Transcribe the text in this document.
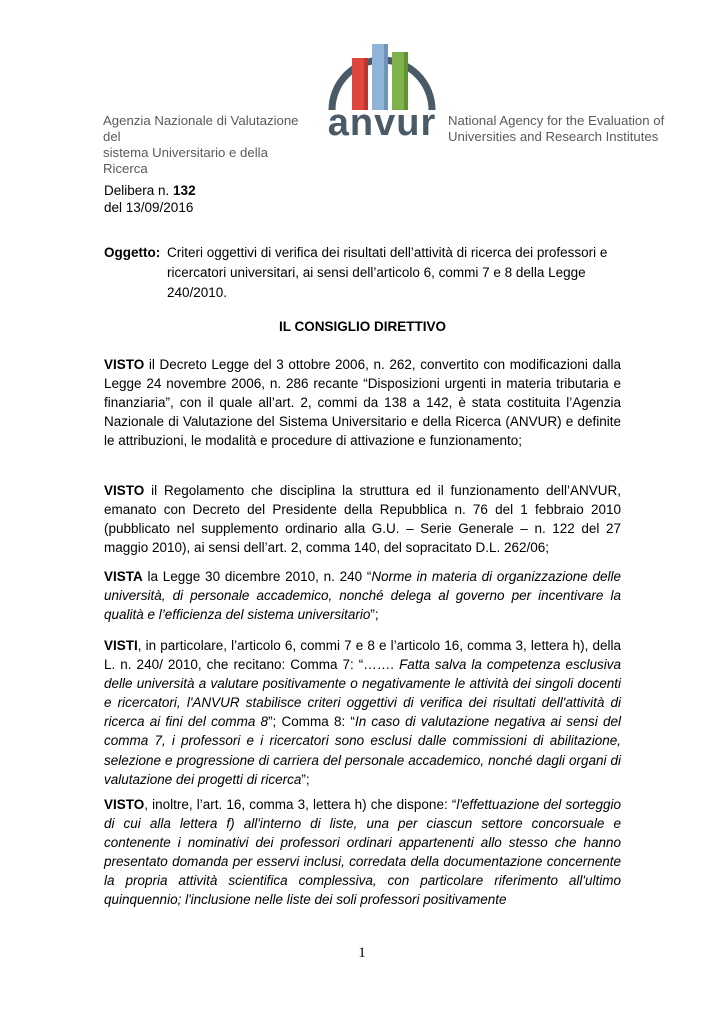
Agenzia Nazionale di Valutazione del
sistema Universitario e della Ricerca
anvur National Agency for the Evaluation of
Universities and Research Institutes
Delibera n. 132
del 13/09/2016
Oggetto: Criteri oggettivi di verifica dei risultati dell’attività di ricerca dei professori e ricercatori universitari, ai sensi dell’articolo 6, commi 7 e 8 della Legge 240/2010.
IL CONSIGLIO DIRETTIVO
VISTO il Decreto Legge del 3 ottobre 2006, n. 262, convertito con modificazioni dalla Legge 24 novembre 2006, n. 286 recante “Disposizioni urgenti in materia tributaria e finanziaria”, con il quale all’art. 2, commi da 138 a 142, è stata costituita l’Agenzia Nazionale di Valutazione del Sistema Universitario e della Ricerca (ANVUR) e definite le attribuzioni, le modalità e procedure di attivazione e funzionamento;
VISTO il Regolamento che disciplina la struttura ed il funzionamento dell’ANVUR, emanato con Decreto del Presidente della Repubblica n. 76 del 1 febbraio 2010 (pubblicato nel supplemento ordinario alla G.U. – Serie Generale – n. 122 del 27 maggio 2010), ai sensi dell’art. 2, comma 140, del sopracitato D.L. 262/06;
VISTA la Legge 30 dicembre 2010, n. 240 “Norme in materia di organizzazione delle università, di personale accademico, nonché delega al governo per incentivare la qualità e l’efficienza del sistema universitario”;
VISTI, in particolare, l’articolo 6, commi 7 e 8 e l’articolo 16, comma 3, lettera h), della L. n. 240/ 2010, che recitano: Comma 7: “……. Fatta salva la competenza esclusiva delle università a valutare positivamente o negativamente le attività dei singoli docenti e ricercatori, l'ANVUR stabilisce criteri oggettivi di verifica dei risultati dell'attività di ricerca ai fini del comma 8”; Comma 8: “In caso di valutazione negativa ai sensi del comma 7, i professori e i ricercatori sono esclusi dalle commissioni di abilitazione, selezione e progressione di carriera del personale accademico, nonché dagli organi di valutazione dei progetti di ricerca”;
VISTO, inoltre, l’art. 16, comma 3, lettera h) che dispone: “l'effettuazione del sorteggio di cui alla lettera f) all'interno di liste, una per ciascun settore concorsuale e contenente i nominativi dei professori ordinari appartenenti allo stesso che hanno presentato domanda per esservi inclusi, corredata della documentazione concernente la propria attività scientifica complessiva, con particolare riferimento all'ultimo quinquennio; l'inclusione nelle liste dei soli professori positivamente
1
